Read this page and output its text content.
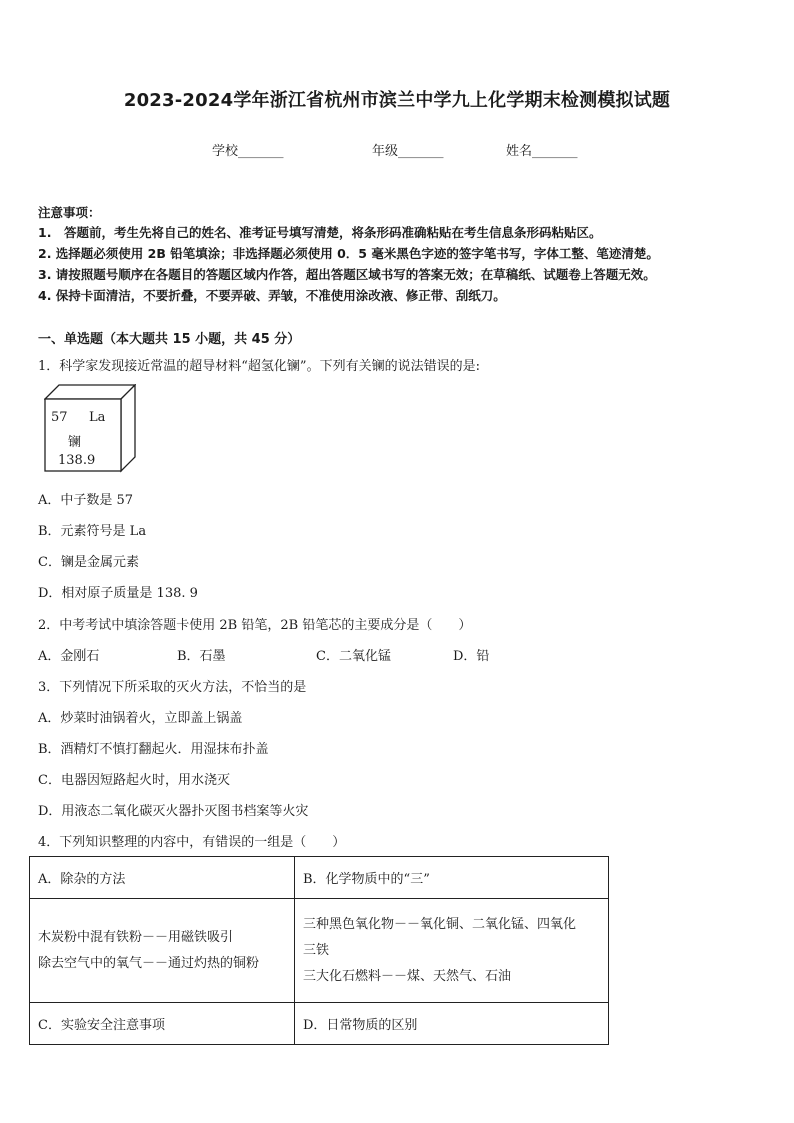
2023-2024学年浙江省杭州市滨兰中学九上化学期末检测模拟试题
学校_______	年级_______	姓名_______
注意事项：
1.　答题前，考生先将自己的姓名、准考证号填写清楚，将条形码准确粘贴在考生信息条形码粘贴区。
2. 选择题必须使用 2B 铅笔填涂；非选择题必须使用 0．5 毫米黑色字迹的签字笔书写，字体工整、笔迹清楚。
3. 请按照题号顺序在各题目的答题区域内作答，超出答题区域书写的答案无效；在草稿纸、试题卷上答题无效。
4. 保持卡面清洁，不要折叠，不要弄破、弄皱，不准使用涂改液、修正带、刮纸刀。
一、单选题（本大题共 15 小题，共 45 分）
1．科学家发现接近常温的超导材料“超氢化镧”。下列有关镧的说法错误的是:
57 La
镧
138.9
A．中子数是 57
B．元素符号是 La
C．镧是金属元素
D．相对原子质量是 138. 9
2．中考考试中填涂答题卡使用 2B 铅笔，2B 铅笔芯的主要成分是（　　）
A．金刚石	B．石墨	C．二氧化锰	D．铅
3．下列情况下所采取的灭火方法，不恰当的是
A．炒菜时油锅着火，立即盖上锅盖
B．酒精灯不慎打翻起火．用湿抹布扑盖
C．电器因短路起火时，用水浇灭
D．用液态二氧化碳灭火器扑灭图书档案等火灾
4．下列知识整理的内容中，有错误的一组是（　　）
A．除杂的方法	B．化学物质中的“三”

木炭粉中混有铁粉－－用磁铁吸引
除去空气中的氧气－－通过灼热的铜粉	三种黑色氧化物－－氧化铜、二氧化锰、四氧化
三铁
三大化石燃料－－煤、天然气、石油

C．实验安全注意事项	D．日常物质的区别
